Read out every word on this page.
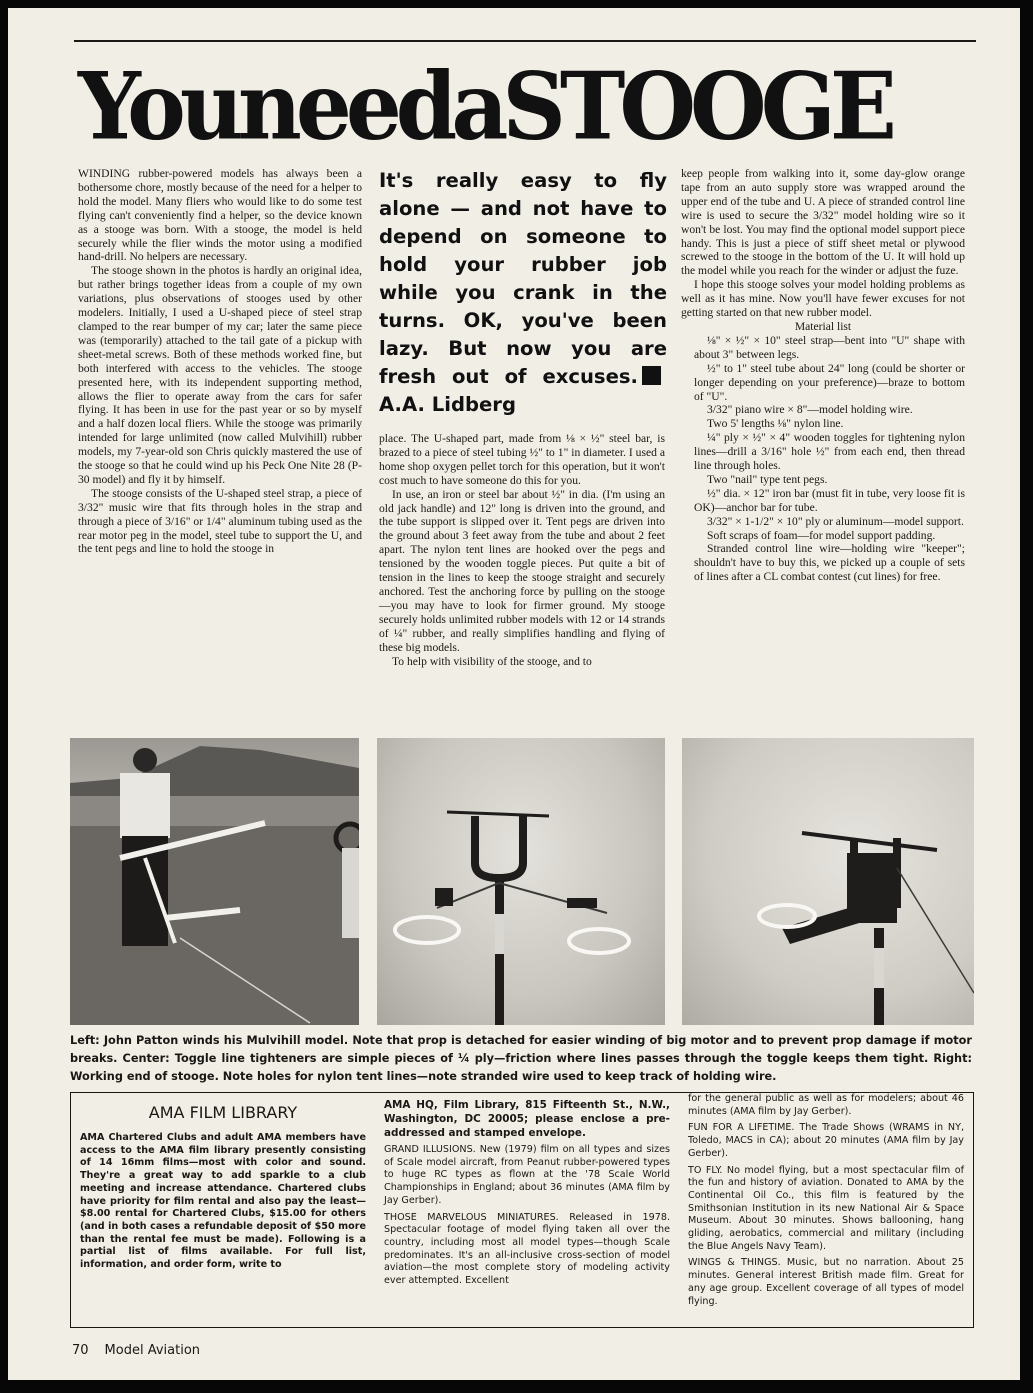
YouneedaSTOOGE

WINDING rubber-powered models has always been a bothersome chore, mostly because of the need for a helper to hold the model. Many fliers who would like to do some test flying can't conveniently find a helper, so the device known as a stooge was born. With a stooge, the model is held securely while the flier winds the motor using a modified hand-drill. No helpers are necessary.

The stooge shown in the photos is hardly an original idea, but rather brings together ideas from a couple of my own variations, plus observations of stooges used by other modelers. Initially, I used a U-shaped piece of steel strap clamped to the rear bumper of my car; later the same piece was (temporarily) attached to the tail gate of a pickup with sheet-metal screws. Both of these methods worked fine, but both interfered with access to the vehicles. The stooge presented here, with its independent supporting method, allows the flier to operate away from the cars for safer flying. It has been in use for the past year or so by myself and a half dozen local fliers. While the stooge was primarily intended for large unlimited (now called Mulvihill) rubber models, my 7-year-old son Chris quickly mastered the use of the stooge so that he could wind up his Peck One Nite 28 (P-30 model) and fly it by himself.

The stooge consists of the U-shaped steel strap, a piece of 3/32" music wire that fits through holes in the strap and through a piece of 3/16" or 1/4" aluminum tubing used as the rear motor peg in the model, steel tube to support the U, and the tent pegs and line to hold the stooge in

It's really easy to fly alone — and not have to depend on someone to hold your rubber job while you crank in the turns. OK, you've been lazy. But now you are fresh out of excuses.A.A. Lidberg

place. The U-shaped part, made from ⅛ × ½" steel bar, is brazed to a piece of steel tubing ½" to 1" in diameter. I used a home shop oxygen pellet torch for this operation, but it won't cost much to have someone do this for you.

In use, an iron or steel bar about ½" in dia. (I'm using an old jack handle) and 12" long is driven into the ground, and the tube support is slipped over it. Tent pegs are driven into the ground about 3 feet away from the tube and about 2 feet apart. The nylon tent lines are hooked over the pegs and tensioned by the wooden toggle pieces. Put quite a bit of tension in the lines to keep the stooge straight and securely anchored. Test the anchoring force by pulling on the stooge—you may have to look for firmer ground. My stooge securely holds unlimited rubber models with 12 or 14 strands of ¼" rubber, and really simplifies handling and flying of these big models.

To help with visibility of the stooge, and to

keep people from walking into it, some day-glow orange tape from an auto supply store was wrapped around the upper end of the tube and U. A piece of stranded control line wire is used to secure the 3/32" model holding wire so it won't be lost. You may find the optional model support piece handy. This is just a piece of stiff sheet metal or plywood screwed to the stooge in the bottom of the U. It will hold up the model while you reach for the winder or adjust the fuze.

I hope this stooge solves your model holding problems as well as it has mine. Now you'll have fewer excuses for not getting started on that new rubber model.

Material list

⅛" × ½" × 10" steel strap—bent into "U" shape with about 3" between legs.

½" to 1" steel tube about 24" long (could be shorter or longer depending on your preference)—braze to bottom of "U".

3/32" piano wire × 8"—model holding wire.

Two 5' lengths ⅛" nylon line.

¼" ply × ½" × 4" wooden toggles for tightening nylon lines—drill a 3/16" hole ½" from each end, then thread line through holes.

Two "nail" type tent pegs.

½" dia. × 12" iron bar (must fit in tube, very loose fit is OK)—anchor bar for tube.

3/32" × 1-1/2" × 10" ply or aluminum—model support.

Soft scraps of foam—for model support padding.

Stranded control line wire—holding wire "keeper"; shouldn't have to buy this, we picked up a couple of sets of lines after a CL combat contest (cut lines) for free.

Left: John Patton winds his Mulvihill model. Note that prop is detached for easier winding of big motor and to prevent prop damage if motor breaks. Center: Toggle line tighteners are simple pieces of ¼ ply—friction where lines passes through the toggle keeps them tight. Right: Working end of stooge. Note holes for nylon tent lines—note stranded wire used to keep track of holding wire.
AMA FILM LIBRARY

AMA Chartered Clubs and adult AMA members have access to the AMA film library presently consisting of 14 16mm films—most with color and sound. They're a great way to add sparkle to a club meeting and increase attendance. Chartered clubs have priority for film rental and also pay the least—$8.00 rental for Chartered Clubs, $15.00 for others (and in both cases a refundable deposit of $50 more than the rental fee must be made). Following is a partial list of films available. For full list, information, and order form, write to

AMA HQ, Film Library, 815 Fifteenth St., N.W., Washington, DC 20005; please enclose a pre-addressed and stamped envelope.

GRAND ILLUSIONS. New (1979) film on all types and sizes of Scale model aircraft, from Peanut rubber-powered types to huge RC types as flown at the '78 Scale World Championships in England; about 36 minutes (AMA film by Jay Gerber).

THOSE MARVELOUS MINIATURES. Released in 1978. Spectacular footage of model flying taken all over the country, including most all model types—though Scale predominates. It's an all-inclusive cross-section of model aviation—the most complete story of modeling activity ever attempted. Excellent

for the general public as well as for modelers; about 46 minutes (AMA film by Jay Gerber).

FUN FOR A LIFETIME. The Trade Shows (WRAMS in NY, Toledo, MACS in CA); about 20 minutes (AMA film by Jay Gerber).

TO FLY. No model flying, but a most spectacular film of the fun and history of aviation. Donated to AMA by the Continental Oil Co., this film is featured by the Smithsonian Institution in its new National Air & Space Museum. About 30 minutes. Shows ballooning, hang gliding, aerobatics, commercial and military (including the Blue Angels Navy Team).

WINGS & THINGS. Music, but no narration. About 25 minutes. General interest British made film. Great for any age group. Excellent coverage of all types of model flying.

70 Model Aviation
